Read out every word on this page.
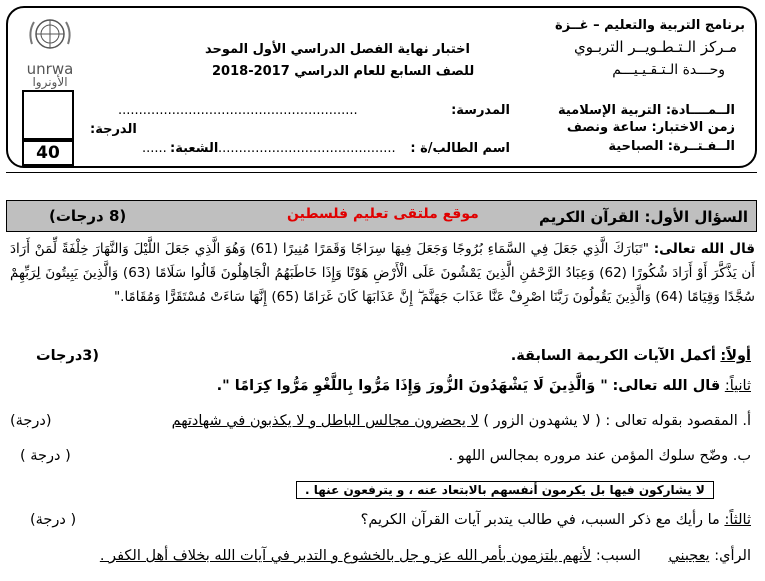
برنامج التربية والتعليم – غــزة
مـركز الـتـطـويــر التربـوي
وحـــدة الـتـقـيـيـــم
اختبار نهاية الفصل الدراسي الأول الموحد
للصف السابع للعام الدراسي 2017-2018
unrwa
الأونروا
40
الــمــــادة: التربية الإسلامية
زمن الاختبار: ساعة ونصف
الــفـتــرة: الصباحية
المدرسة:
..........................................................
اسم الطالب/ة :
...........................................
الشعبة:
......
الدرجة:
السؤال الأول: القرآن الكريم
موقع ملتقى تعليم فلسطين
(8 درجات)
قال الله تعالى: "تَبَارَكَ الَّذِي جَعَلَ فِي السَّمَاءِ بُرُوجًا وَجَعَلَ فِيهَا سِرَاجًا وَقَمَرًا مُنِيرًا (61) وَهُوَ الَّذِي جَعَلَ اللَّيْلَ وَالنَّهَارَ خِلْفَةً لِّمَنْ أَرَادَ أَن يَذَّكَّرَ أَوْ أَرَادَ شُكُورًا (62) وَعِبَادُ الرَّحْمَٰنِ الَّذِينَ يَمْشُونَ عَلَى الْأَرْضِ هَوْنًا وَإِذَا خَاطَبَهُمُ الْجَاهِلُونَ قَالُوا سَلَامًا (63) وَالَّذِينَ يَبِيتُونَ لِرَبِّهِمْ سُجَّدًا وَقِيَامًا (64) وَالَّذِينَ يَقُولُونَ رَبَّنَا اصْرِفْ عَنَّا عَذَابَ جَهَنَّمَ ۖ إِنَّ عَذَابَهَا كَانَ غَرَامًا (65) إِنَّهَا سَاءَتْ مُسْتَقَرًّا وَمُقَامًا."
أولاً: أكمل الآيات الكريمة السابقة.
(3درجات
ثانياً: قال الله تعالى: " وَالَّذِينَ لَا يَشْهَدُونَ الزُّورَ وَإِذَا مَرُّوا بِاللَّغْوِ مَرُّوا كِرَامًا ".
أ. المقصود بقوله تعالى : ( لا يشهدون الزور ) لا يحضرون مجالس الباطل و لا يكذبون في شهادتهم
(درجة)
ب. وضّح سلوك المؤمن عند مروره بمجالس اللهو .
( درجة )
لا يشاركون فيها بل يكرمون أنفسهم بالابتعاد عنه ، و يترفعون عنها .
ثالثاً: ما رأيك مع ذكر السبب، في طالب يتدبر آيات القرآن الكريم؟
( درجة)
الرأي: يعجبني      السبب: لأنهم يلتزمون بأمر الله عز و جل بالخشوع و التدبر في آيات الله بخلاف أهل الكفر .
